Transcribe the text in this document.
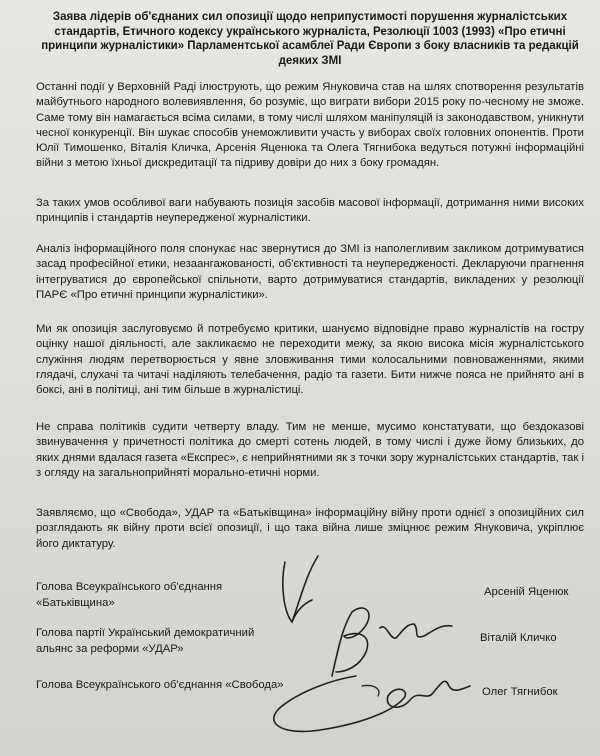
Заява лідерів об'єднаних сил опозиції щодо неприпустимості порушення журналістських стандартів, Етичного кодексу українського журналіста, Резолюції 1003 (1993) «Про етичні принципи журналістики» Парламентської асамблеї Ради Європи з боку власників та редакцій деяких ЗМІ

Останні події у Верховній Раді ілюструють, що режим Януковича став на шлях спотворення результатів майбутнього народного волевиявлення, бо розуміє, що виграти вибори 2015 року по-чесному не зможе. Саме тому він намагається всіма силами, в тому числі шляхом маніпуляцій із законодавством, уникнути чесної конкуренції. Він шукає способів унеможливити участь у виборах своїх головних опонентів. Проти Юлії Тимошенко, Віталія Кличка, Арсенія Яценюка та Олега Тягнибока ведуться потужні інформаційні війни з метою їхньої дискредитації та підриву довіри до них з боку громадян.

За таких умов особливої ваги набувають позиція засобів масової інформації, дотримання ними високих принципів і стандартів неупередженої журналістики.

Аналіз інформаційного поля спонукає нас звернутися до ЗМІ із наполегливим закликом дотримуватися засад професійної етики, незаангажованості, об'єктивності та неупередженості. Декларуючи прагнення інтегруватися до європейської спільноти, варто дотримуватися стандартів, викладених у резолюції ПАРЄ «Про етичні принципи журналістики».

Ми як опозиція заслуговуємо й потребуємо критики, шануємо відповідне право журналістів на гостру оцінку нашої діяльності, але закликаємо не переходити межу, за якою висока місія журналістського служіння людям перетворюється у явне зловживання тими колосальними повноваженнями, якими глядачі, слухачі та читачі наділяють телебачення, радіо та газети. Бити нижче пояса не прийнято ані в боксі, ані в політиці, ані тим більше в журналістиці.

Не справа політиків судити четверту владу. Тим не менше, мусимо констатувати, що бездоказові звинувачення у причетності політика до смерті сотень людей, в тому числі і дуже йому близьких, до яких днями вдалася газета «Експрес», є неприйнятними як з точки зору журналістських стандартів, так і з огляду на загальноприйняті морально-етичні норми.

Заявляємо, що «Свобода», УДАР та «Батьківщина» інформаційну війну проти однієї з опозиційних сил розглядають як війну проти всієї опозиції, і що така війна лише зміцнює режим Януковича, укріплює його диктатуру.

Голова Всеукраїнського об'єднання «Батьківщина»

Голова партії Український демократичний альянс за реформи «УДАР»

Голова Всеукраїнського об'єднання «Свобода»

Арсеній Яценюк

Віталій Кличко

Олег Тягнибок
